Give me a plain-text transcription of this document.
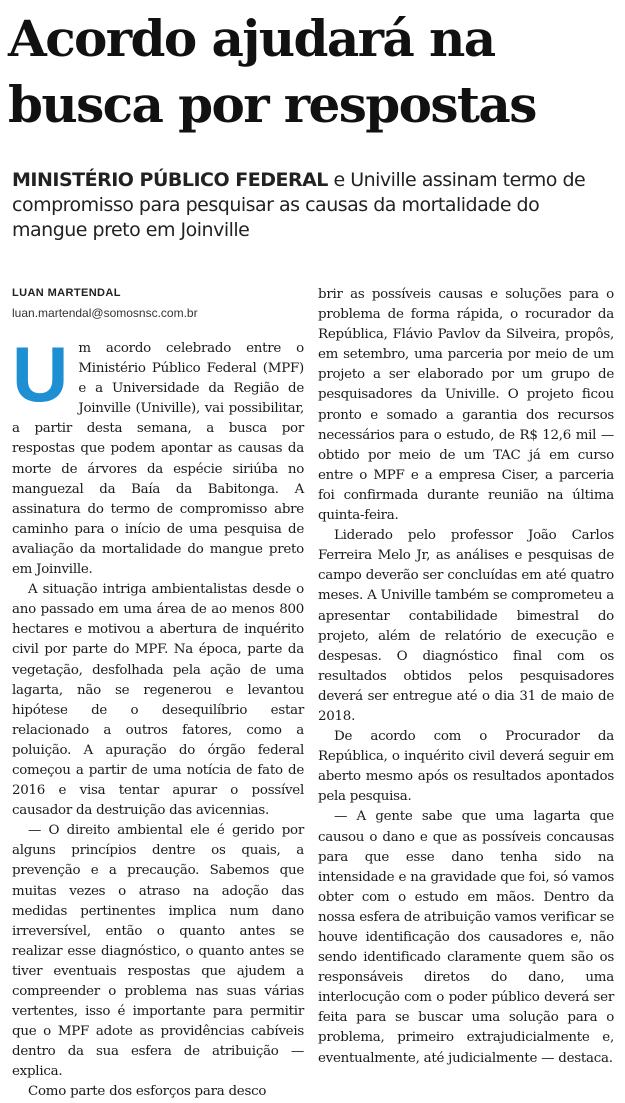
Acordo ajudará na busca por respostas

MINISTÉRIO PÚBLICO FEDERAL e Univille assinam termo de compromisso para pesquisar as causas da mortalidade do mangue preto em Joinville

LUAN MARTENDAL
luan.martendal@somosnsc.com.br

Um acordo celebrado entre o Ministério Público Federal (MPF) e a Universidade da Região de Joinville (Univille), vai possibilitar, a partir desta semana, a busca por respostas que podem apontar as causas da morte de árvores da espécie siriúba no manguezal da Baía da Babitonga. A assinatura do termo de compromisso abre caminho para o início de uma pesquisa de avaliação da mortalidade do mangue preto em Joinville.

A situação intriga ambientalistas desde o ano passado em uma área de ao menos 800 hectares e motivou a abertura de inquérito civil por parte do MPF. Na época, parte da vegetação, desfolhada pela ação de uma lagarta, não se regenerou e levantou hipótese de o desequilíbrio estar relacionado a outros fatores, como a poluição. A apuração do órgão federal começou a partir de uma notícia de fato de 2016 e visa tentar apurar o possível causador da destruição das avicennias.

— O direito ambiental ele é gerido por alguns princípios dentre os quais, a prevenção e a precaução. Sabemos que muitas vezes o atraso na adoção das medidas pertinentes implica num dano irreversível, então o quanto antes se realizar esse diagnóstico, o quanto antes se tiver eventuais respostas que ajudem a compreender o problema nas suas várias vertentes, isso é importante para permitir que o MPF adote as providências cabíveis dentro da sua esfera de atribuição — explica.

Como parte dos esforços para desco

brir as possíveis causas e soluções para o problema de forma rápida, o rocurador da República, Flávio Pavlov da Silveira, propôs, em setembro, uma parceria por meio de um projeto a ser elaborado por um grupo de pesquisadores da Univille. O projeto ficou pronto e somado a garantia dos recursos necessários para o estudo, de R$ 12,6 mil — obtido por meio de um TAC já em curso entre o MPF e a empresa Ciser, a parceria foi confirmada durante reunião na última quinta-feira.

Liderado pelo professor João Carlos Ferreira Melo Jr, as análises e pesquisas de campo deverão ser concluídas em até quatro meses. A Univille também se comprometeu a apresentar contabilidade bimestral do projeto, além de relatório de execução e despesas. O diagnóstico final com os resultados obtidos pelos pesquisadores deverá ser entregue até o dia 31 de maio de 2018.

De acordo com o Procurador da República, o inquérito civil deverá seguir em aberto mesmo após os resultados apontados pela pesquisa.

— A gente sabe que uma lagarta que causou o dano e que as possíveis concausas para que esse dano tenha sido na intensidade e na gravidade que foi, só vamos obter com o estudo em mãos. Dentro da nossa esfera de atribuição vamos verificar se houve identificação dos causadores e, não sendo identificado claramente quem são os responsáveis diretos do dano, uma interlocução com o poder público deverá ser feita para se buscar uma solução para o problema, primeiro extrajudicialmente e, eventualmente, até judicialmente — destaca.
